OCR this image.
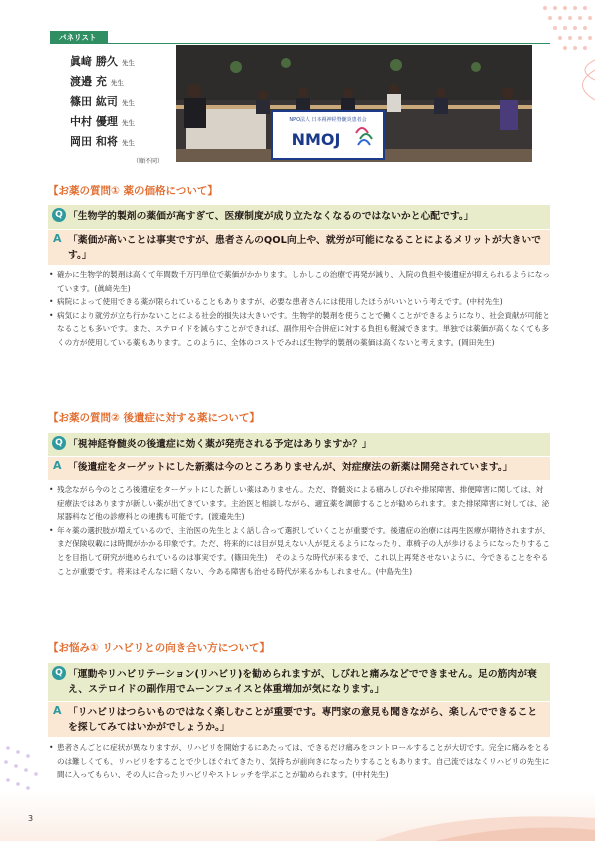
パネリスト
眞﨑 勝久 先生
渡邉 充 先生
篠田 紘司 先生
中村 優理 先生
岡田 和将 先生
（順不同）
NPO法人 日本視神経脊髄炎患者会
NMOJ
【お薬の質問① 薬の価格について】
Q 「生物学的製剤の薬価が高すぎて、医療制度が成り立たなくなるのではないかと心配です。」
A 「薬価が高いことは事実ですが、患者さんのQOL向上や、就労が可能になることによるメリットが大きいです。」
• 確かに生物学的製剤は高くて年間数千万円単位で薬価がかかります。しかしこの治療で再発が減り、入院の負担や後遺症が抑えられるようになっています。(眞﨑先生)
• 病院によって使用できる薬が限られていることもありますが、必要な患者さんには使用したほうがいいという考えです。(中村先生)
• 病気により就労が立ち行かないことによる社会的損失は大きいです。生物学的製剤を使うことで働くことができるようになり、社会貢献が可能となることも多いです。また、ステロイドを減らすことができれば、副作用や合併症に対する負担も軽減できます。単独では薬価が高くなくても多くの方が使用している薬もあります。このように、全体のコストでみれば生物学的製剤の薬価は高くないと考えます。(岡田先生)
【お薬の質問② 後遺症に対する薬について】
Q 「視神経脊髄炎の後遺症に効く薬が発売される予定はありますか？」
A 「後遺症をターゲットにした新薬は今のところありませんが、対症療法の新薬は開発されています。」
• 残念ながら今のところ後遺症をターゲットにした新しい薬はありません。ただ、脊髄炎による痛みしびれや排尿障害、排便障害に関しては、対症療法ではありますが新しい薬が出てきています。主治医と相談しながら、適宜薬を調節することが勧められます。また排尿障害に対しては、泌尿器科など他の診療科との連携も可能です。(渡邉先生)
• 年々薬の選択肢が増えているので、主治医の先生とよく話し合って選択していくことが重要です。後遺症の治療には再生医療が期待されますが、まだ保険収載には時間がかかる印象です。ただ、将来的には目が見えない人が見えるようになったり、車椅子の人が歩けるようになったりすることを目指して研究が進められているのは事実です。(篠田先生)　そのような時代が来るまで、これ以上再発させないように、今できることをやることが重要です。将来はそんなに暗くない、今ある障害も治せる時代が来るかもしれません。(中島先生)
【お悩み① リハビリとの向き合い方について】
Q 「運動やリハビリテーション(リハビリ)を勧められますが、しびれと痛みなどでできません。足の筋肉が衰え、ステロイドの副作用でムーンフェイスと体重増加が気になります。」
A 「リハビリはつらいものではなく楽しむことが重要です。専門家の意見も聞きながら、楽しんでできることを探してみてはいかがでしょうか。」
• 患者さんごとに症状が異なりますが、リハビリを開始するにあたっては、できるだけ痛みをコントロールすることが大切です。完全に痛みをとるのは難しくても、リハビリをすることで少しほぐれてきたり、気持ちが前向きになったりすることもあります。自己流ではなくリハビリの先生に間に入ってもらい、その人に合ったリハビリやストレッチを学ぶことが勧められます。(中村先生)
3
